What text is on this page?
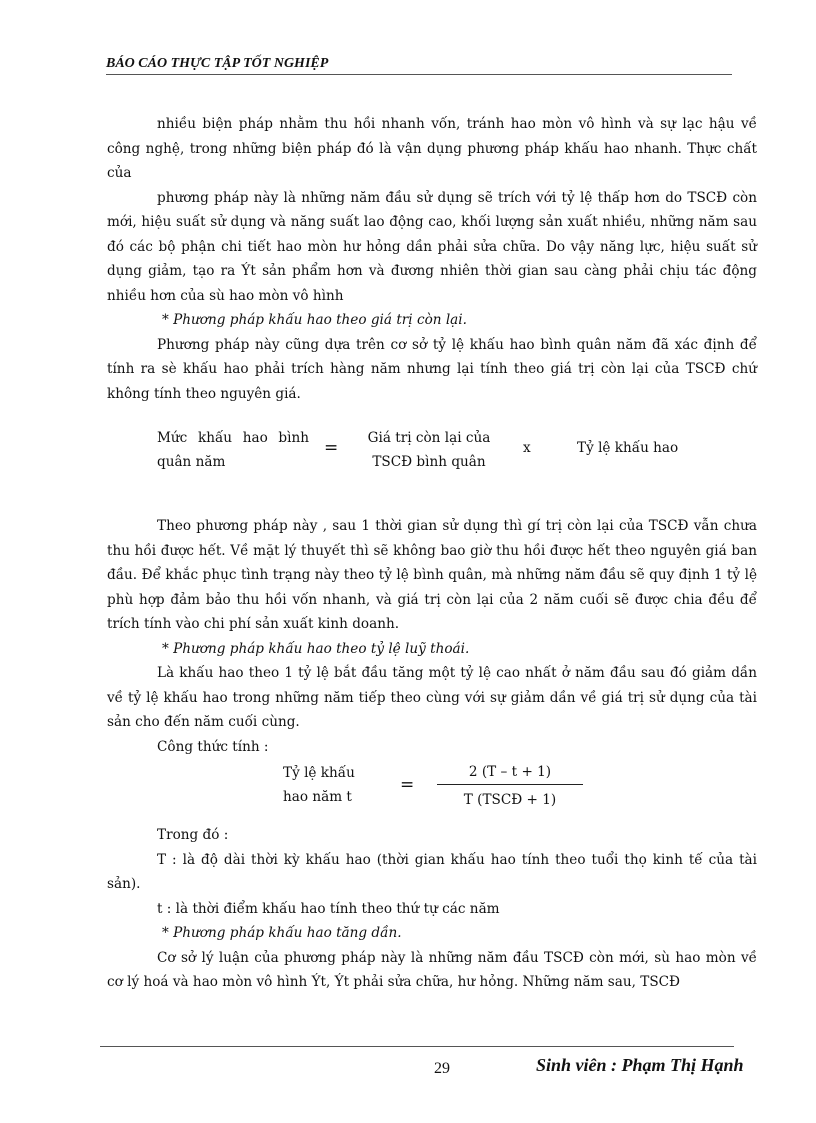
BÁO CÁO THỰC TẬP TỐT NGHIỆP

nhiều biện pháp nhằm thu hồi nhanh vốn, tránh hao mòn vô hình và sự lạc hậu về công nghệ, trong những biện pháp đó là vận dụng phương pháp khấu hao nhanh. Thực chất của

phương pháp này là những năm đầu sử dụng sẽ trích với tỷ lệ thấp hơn do TSCĐ còn mới, hiệu suất sử dụng và năng suất lao động cao, khối lượng sản xuất nhiều, những năm sau đó các bộ phận chi tiết hao mòn hư hỏng dần phải sửa chữa. Do vậy năng lực, hiệu suất sử dụng giảm, tạo ra Ýt sản phẩm hơn và đương nhiên thời gian sau càng phải chịu tác động nhiều hơn của sù hao mòn vô hình

* Phương pháp khấu hao theo giá trị còn lại.

Phương pháp này cũng dựa trên cơ sở tỷ lệ khấu hao bình quân năm đã xác định để tính ra sè khấu hao phải trích hàng năm nhưng lại tính theo giá trị còn lại của TSCĐ chứ không tính theo nguyên giá.

Mức khấu hao bình
quân năm
=	Giá trị còn lại của
TSCĐ bình quân
x	Tỷ lệ khấu hao

Theo phương pháp này , sau 1 thời gian sử dụng thì gí trị còn lại của TSCĐ vẫn chưa thu hồi được hết. Về mặt lý thuyết thì sẽ không bao giờ thu hồi được hết theo nguyên giá ban đầu. Để khắc phục tình trạng này theo tỷ lệ bình quân, mà những năm đầu sẽ quy định 1 tỷ lệ phù hợp đảm bảo thu hồi vốn nhanh, và giá trị còn lại của 2 năm cuối sẽ được chia đều để trích tính vào chi phí sản xuất kinh doanh.

* Phương pháp khấu hao theo tỷ lệ luỹ thoái.

Là khấu hao theo 1 tỷ lệ bắt đầu tăng một tỷ lệ cao nhất ở năm đầu sau đó giảm dần về tỷ lệ khấu hao trong những năm tiếp theo cùng với sự giảm dần về giá trị sử dụng của tài sản cho đến năm cuối cùng.

Công thức tính :

Tỷ lệ khấu
hao năm t
=
2 (T – t + 1)
T (TSCĐ + 1)

Trong đó :

T : là độ dài thời kỳ khấu hao (thời gian khấu hao tính theo tuổi thọ kinh tế của tài sản).

t : là thời điểm khấu hao tính theo thứ tự các năm

* Phương pháp khấu hao tăng dần.

Cơ sở lý luận của phương pháp này là những năm đầu TSCĐ còn mới, sù hao mòn về cơ lý hoá và hao mòn vô hình Ýt, Ýt phải sửa chữa, hư hỏng. Những năm sau, TSCĐ

29	Sinh viên : Phạm Thị Hạnh
